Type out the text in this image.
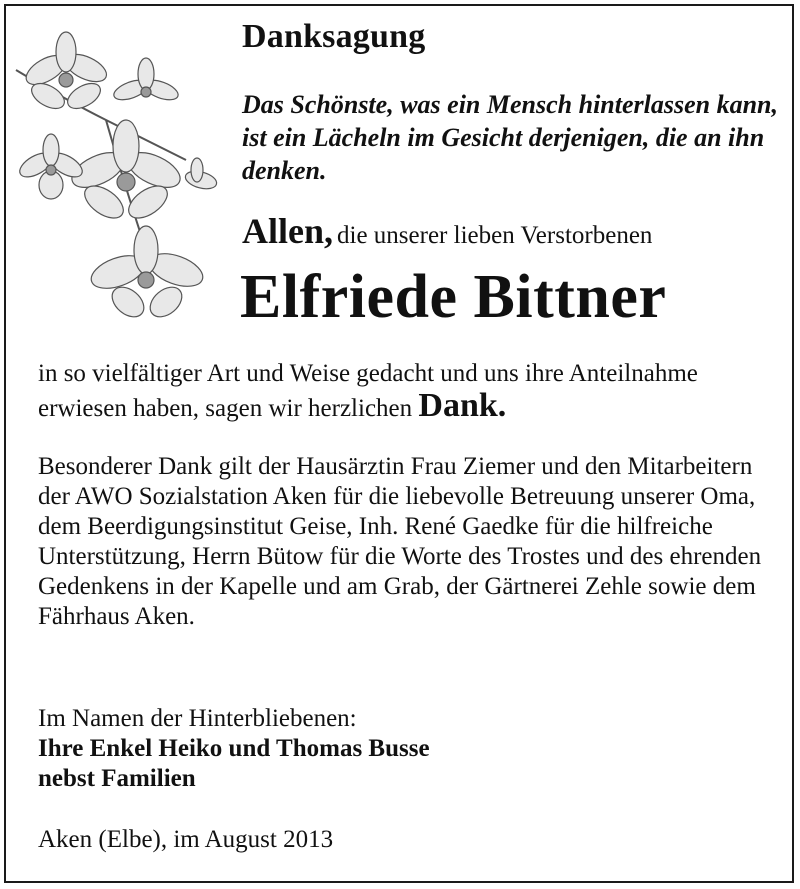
Danksagung
Das Schönste, was ein Mensch hinterlassen kann, ist ein Lächeln im Gesicht derjenigen, die an ihn denken.
Allen, die unserer lieben Verstorbenen
Elfriede Bittner
in so vielfältiger Art und Weise gedacht und uns ihre Anteilnahme erwiesen haben, sagen wir herzlichen Dank.
Besonderer Dank gilt der Hausärztin Frau Ziemer und den Mitarbeitern der AWO Sozialstation Aken für die liebevolle Betreuung unserer Oma, dem Beerdigungsinstitut Geise, Inh. René Gaedke für die hilfreiche Unterstützung, Herrn Bütow für die Worte des Trostes und des ehrenden Gedenkens in der Kapelle und am Grab, der Gärtnerei Zehle sowie dem Fährhaus Aken.
Im Namen der Hinterbliebenen:
Ihre Enkel Heiko und Thomas Busse
nebst Familien
Aken (Elbe), im August 2013
